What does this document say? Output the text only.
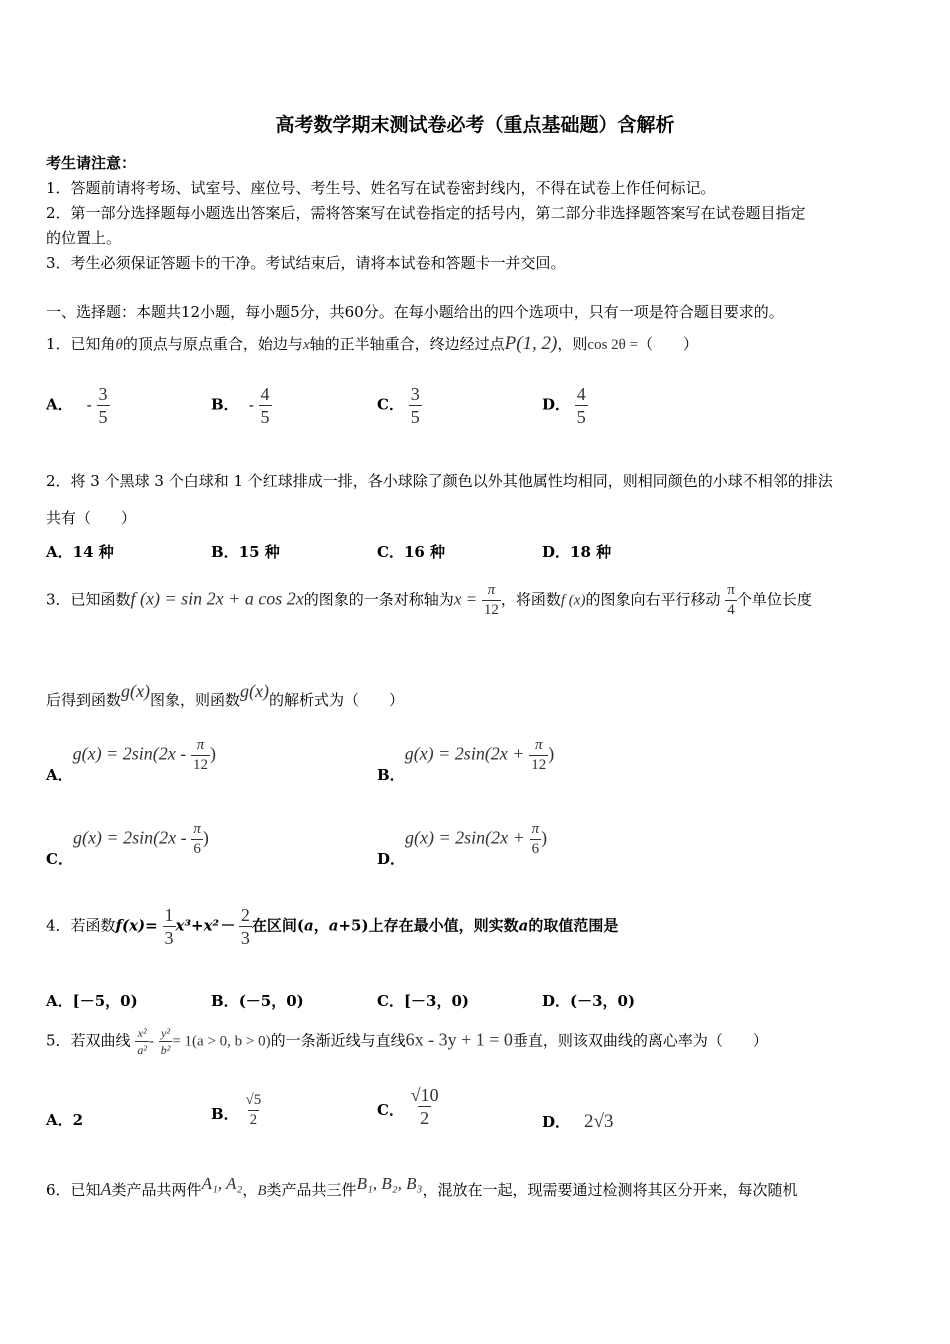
高考数学期末测试卷必考（重点基础题）含解析
考生请注意：
1．答题前请将考场、试室号、座位号、考生号、姓名写在试卷密封线内，不得在试卷上作任何标记。
2．第一部分选择题每小题选出答案后，需将答案写在试卷指定的括号内，第二部分非选择题答案写在试卷题目指定
的位置上。
3．考生必须保证答题卡的干净。考试结束后，请将本试卷和答题卡一并交回。
一、选择题：本题共12小题，每小题5分，共60分。在每小题给出的四个选项中，只有一项是符合题目要求的。
1．已知角θ的顶点与原点重合，始边与x轴的正半轴重合，终边经过点P(1, 2)，则cos 2θ =（　　）
A． - $\frac{3}{5}$	B． - $\frac{4}{5}$	C． $\frac{3}{5}$	D． $\frac{4}{5}$
2．将 3 个黑球 3 个白球和 1 个红球排成一排，各小球除了颜色以外其他属性均相同，则相同颜色的小球不相邻的排法
共有（　　）
A．14 种	B．15 种	C．16 种	D．18 种
3．已知函数f (x) = sin 2x + a cos 2x的图象的一条对称轴为$x = \frac{\pi}{12}$ ，将函数f (x)的图象向右平行移动 $\frac{\pi}{4}$ 个单位长度
后得到函数g(x)图象，则函数g(x)的解析式为（　　）
A．$g(x) = 2\sin(2x - \frac{\pi}{12}$ )
B．$g(x) = 2\sin(2x + \frac{\pi}{12}$ )
C．$g(x) = 2\sin(2x - \frac{\pi}{6}$ )
D．$g(x) = 2\sin(2x + \frac{\pi}{6}$ )
4．若函数$f(x)= \frac{1}{3} x^3+x^2- \frac{2}{3}$ 在区间(a，a+5)上存在最小值，则实数a的取值范围是
A．[－5，0)	B．(－5，0)	C．[－3，0)	D．(－3，0)
5．若双曲线 $\frac{\text{x²}}{\text{a²}} - \frac{\text{y²}}{\text{b²}} = 1(a > 0$, b > 0)的一条渐近线与直线6x - 3y + 1 = 0垂直，则该双曲线的离心率为（　　）
A．2	B． $\frac{√5}{2}$	C． $\frac{√10}{2}$	D． 2√3
6．已知A类产品共两件A₁, A₂，B类产品共三件B₁, B₂, B₃，混放在一起，现需要通过检测将其区分开来，每次随机
